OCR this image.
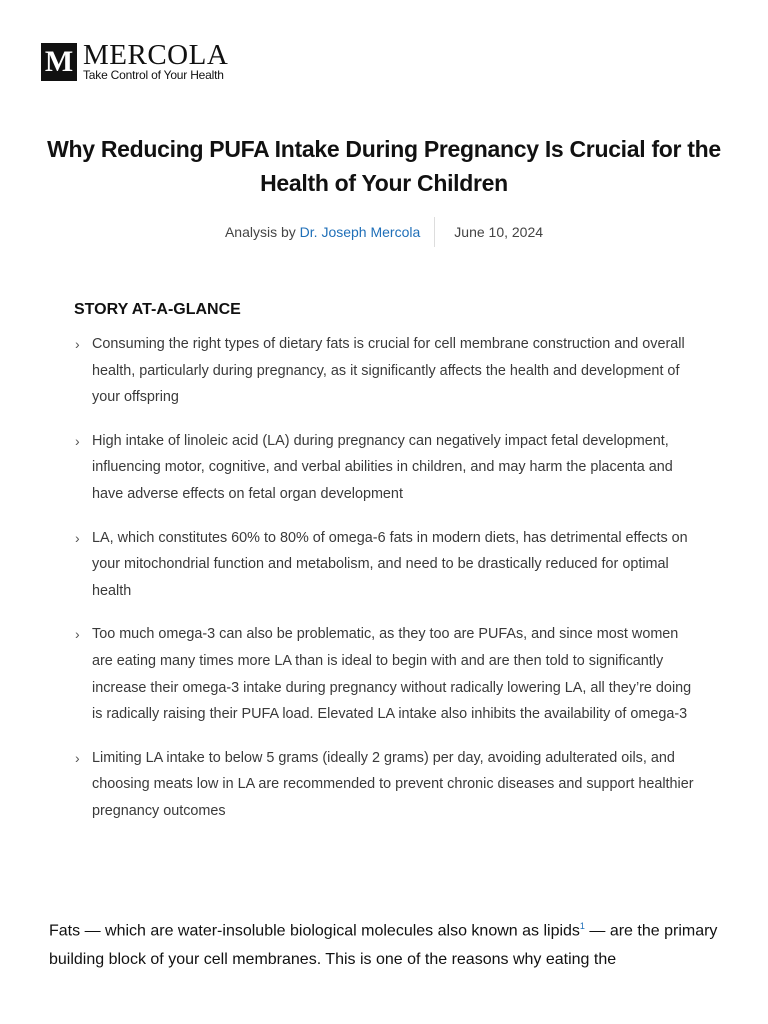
M MERCOLA
Take Control of Your Health
Why Reducing PUFA Intake During Pregnancy Is Crucial for the Health of Your Children
Analysis by Dr. Joseph Mercola	June 10, 2024
STORY AT-A-GLANCE
› Consuming the right types of dietary fats is crucial for cell membrane construction and overall health, particularly during pregnancy, as it significantly affects the health and development of your offspring
› High intake of linoleic acid (LA) during pregnancy can negatively impact fetal development, influencing motor, cognitive, and verbal abilities in children, and may harm the placenta and have adverse effects on fetal organ development
› LA, which constitutes 60% to 80% of omega-6 fats in modern diets, has detrimental effects on your mitochondrial function and metabolism, and need to be drastically reduced for optimal health
› Too much omega-3 can also be problematic, as they too are PUFAs, and since most women are eating many times more LA than is ideal to begin with and are then told to significantly increase their omega-3 intake during pregnancy without radically lowering LA, all they’re doing is radically raising their PUFA load. Elevated LA intake also inhibits the availability of omega-3
› Limiting LA intake to below 5 grams (ideally 2 grams) per day, avoiding adulterated oils, and choosing meats low in LA are recommended to prevent chronic diseases and support healthier pregnancy outcomes

Fats — which are water-insoluble biological molecules also known as lipids$^1$ — are the primary building block of your cell membranes. This is one of the reasons why eating the
